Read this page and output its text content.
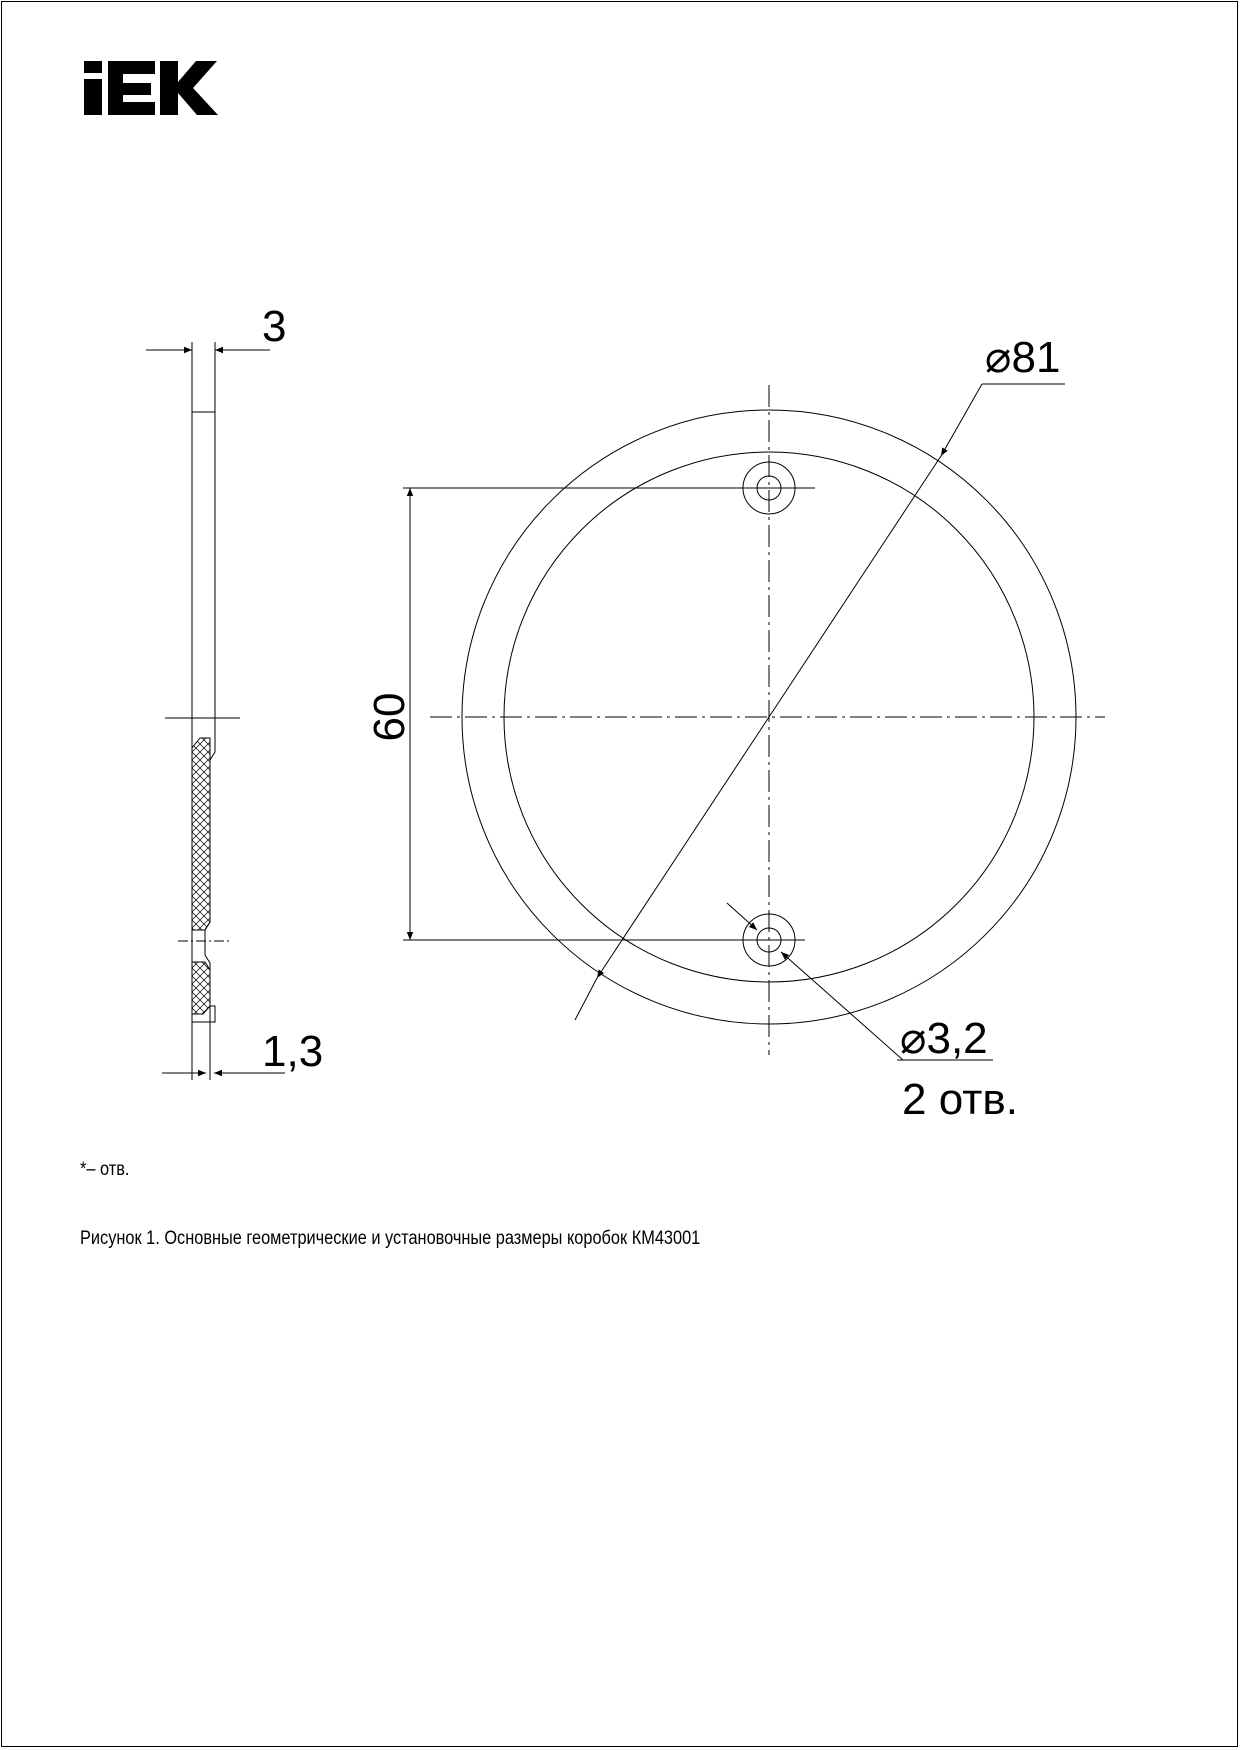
3
1,3
60
⌀81
⌀3,2
2 отв.
*– отв.
Рисунок 1. Основные геометрические и установочные размеры коробок КМ43001
